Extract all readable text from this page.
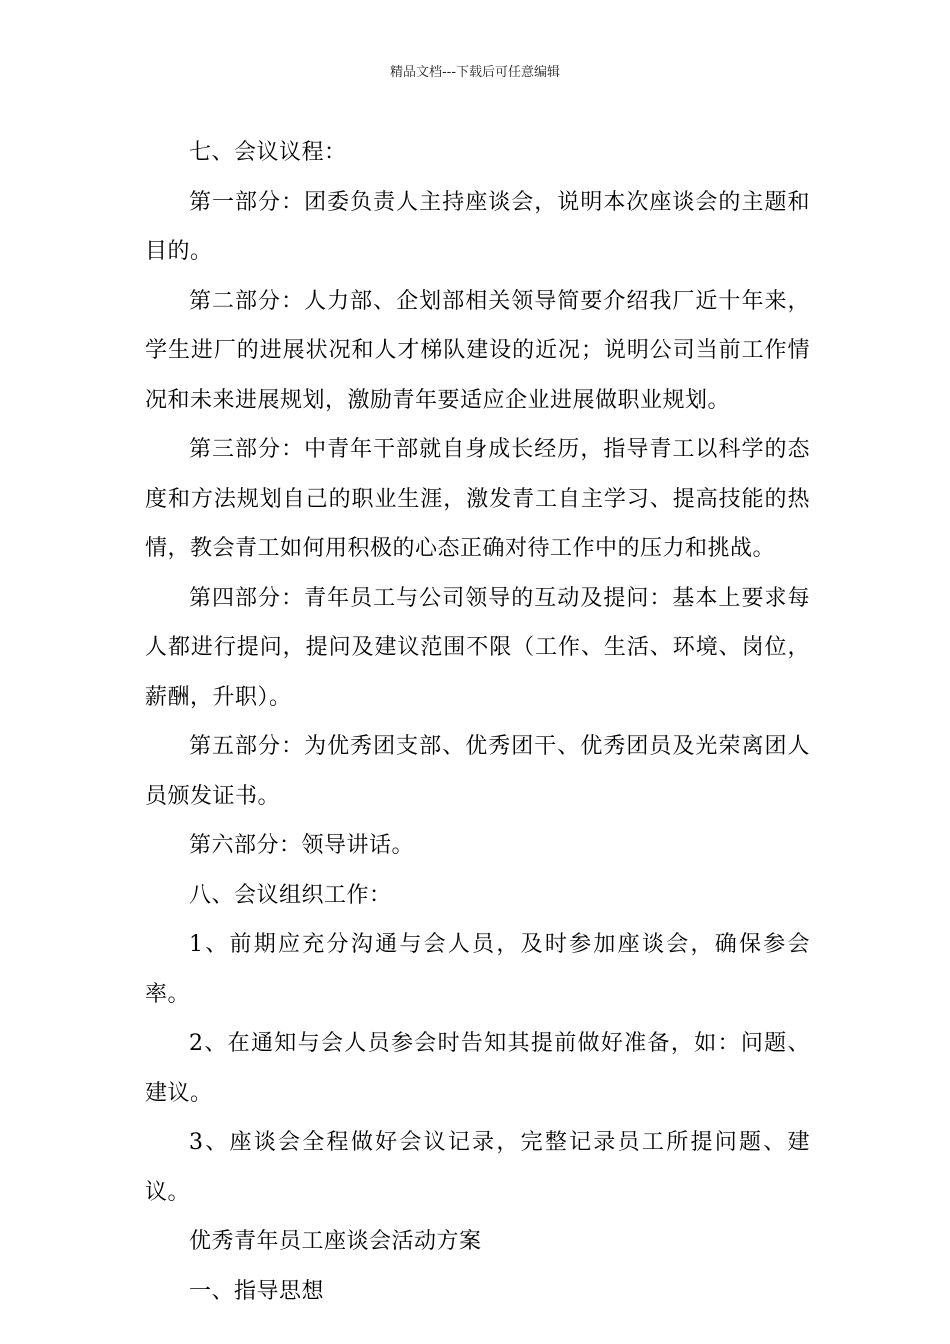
精品文档---下载后可任意编辑

七、会议议程：

第一部分：团委负责人主持座谈会，说明本次座谈会的主题和目的。

第二部分：人力部、企划部相关领导简要介绍我厂近十年来，学生进厂的进展状况和人才梯队建设的近况；说明公司当前工作情况和未来进展规划，激励青年要适应企业进展做职业规划。

第三部分：中青年干部就自身成长经历，指导青工以科学的态度和方法规划自己的职业生涯，激发青工自主学习、提高技能的热情，教会青工如何用积极的心态正确对待工作中的压力和挑战。

第四部分：青年员工与公司领导的互动及提问：基本上要求每人都进行提问，提问及建议范围不限（工作、生活、环境、岗位，薪酬，升职）。

第五部分：为优秀团支部、优秀团干、优秀团员及光荣离团人员颁发证书。

第六部分：领导讲话。

八、会议组织工作：

1、前期应充分沟通与会人员，及时参加座谈会，确保参会率。

2、在通知与会人员参会时告知其提前做好准备，如：问题、建议。

3、座谈会全程做好会议记录，完整记录员工所提问题、建议。

优秀青年员工座谈会活动方案

一、指导思想
